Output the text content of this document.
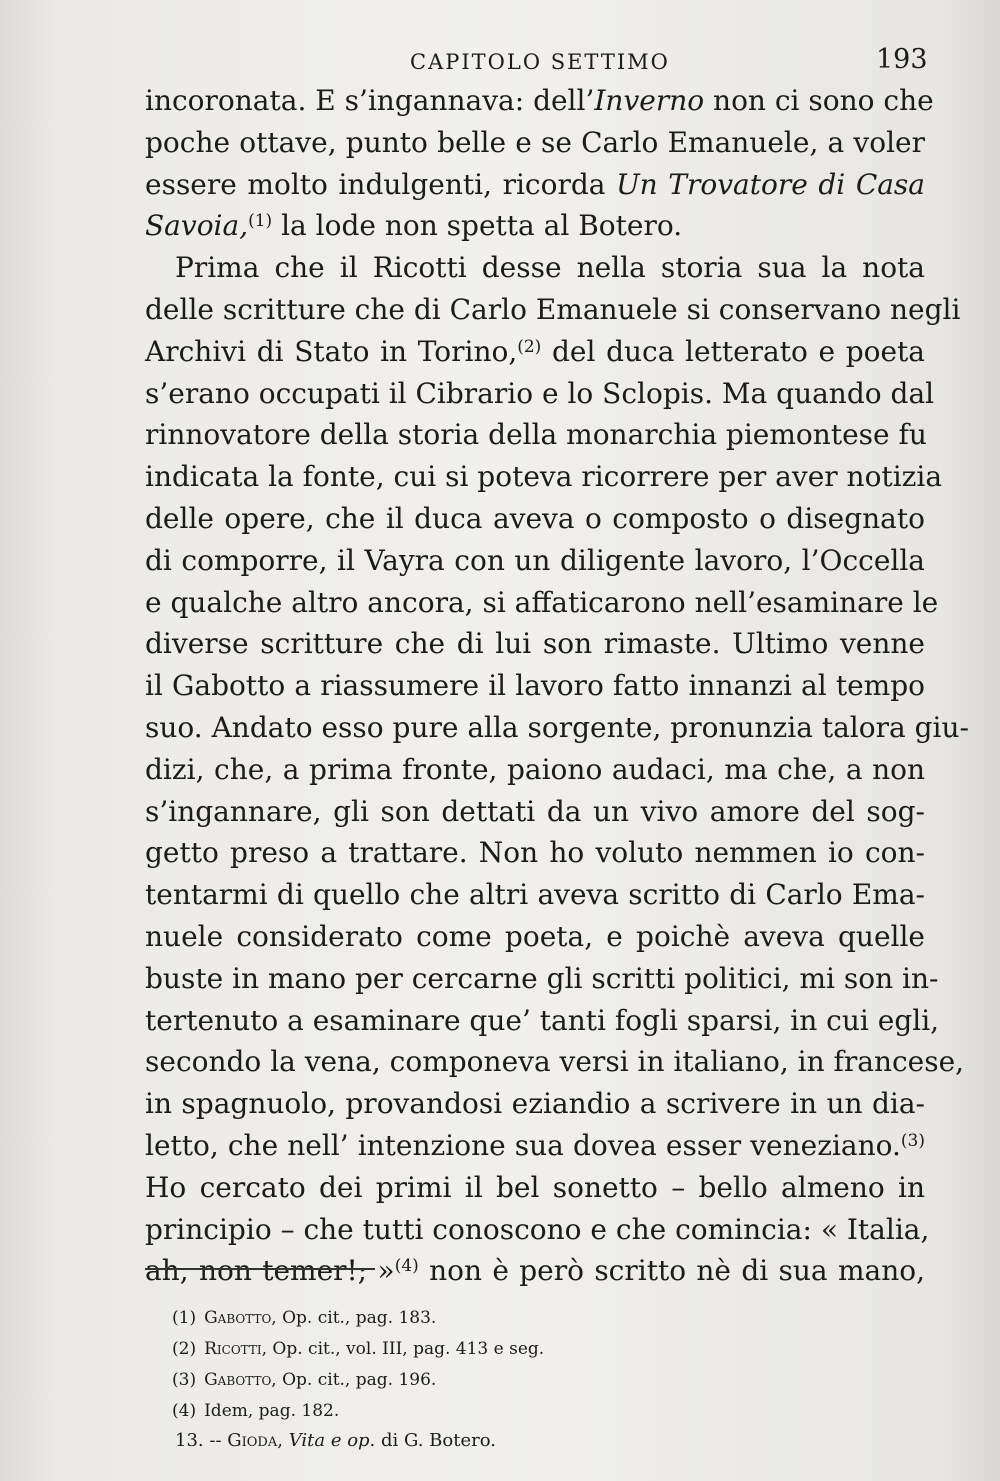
CAPITOLO SETTIMO	193
incoronata. E s’ingannava: dell’Inverno non ci sono che
poche ottave, punto belle e se Carlo Emanuele, a voler
essere molto indulgenti, ricorda Un Trovatore di Casa
Savoia,$^{(1)}$ la lode non spetta al Botero.
Prima che il Ricotti desse nella storia sua la nota
delle scritture che di Carlo Emanuele si conservano negli
Archivi di Stato in Torino,$^{(2)}$ del duca letterato e poeta
s’erano occupati il Cibrario e lo Sclopis. Ma quando dal
rinnovatore della storia della monarchia piemontese fu
indicata la fonte, cui si poteva ricorrere per aver notizia
delle opere, che il duca aveva o composto o disegnato
di comporre, il Vayra con un diligente lavoro, l’Occella
e qualche altro ancora, si affaticarono nell’esaminare le
diverse scritture che di lui son rimaste. Ultimo venne
il Gabotto a riassumere il lavoro fatto innanzi al tempo
suo. Andato esso pure alla sorgente, pronunzia talora giu-
dizi, che, a prima fronte, paiono audaci, ma che, a non
s’ingannare, gli son dettati da un vivo amore del sog-
getto preso a trattare. Non ho voluto nemmen io con-
tentarmi di quello che altri aveva scritto di Carlo Ema-
nuele considerato come poeta, e poichè aveva quelle
buste in mano per cercarne gli scritti politici, mi son in-
tertenuto a esaminare que’ tanti fogli sparsi, in cui egli,
secondo la vena, componeva versi in italiano, in francese,
in spagnuolo, provandosi eziandio a scrivere in un dia-
letto, che nell’ intenzione sua dovea esser veneziano.$^{(3)}$
Ho cercato dei primi il bel sonetto – bello almeno in
principio – che tutti conoscono e che comincia: « Italia,
ah, non temer!; »$^{(4)}$ non è però scritto nè di sua mano,
(1) Gabotto, Op. cit., pag. 183.
(2) Ricotti, Op. cit., vol. III, pag. 413 e seg.
(3) Gabotto, Op. cit., pag. 196.
(4) Idem, pag. 182.
13. -- Gioda, Vita e op. di G. Botero.
